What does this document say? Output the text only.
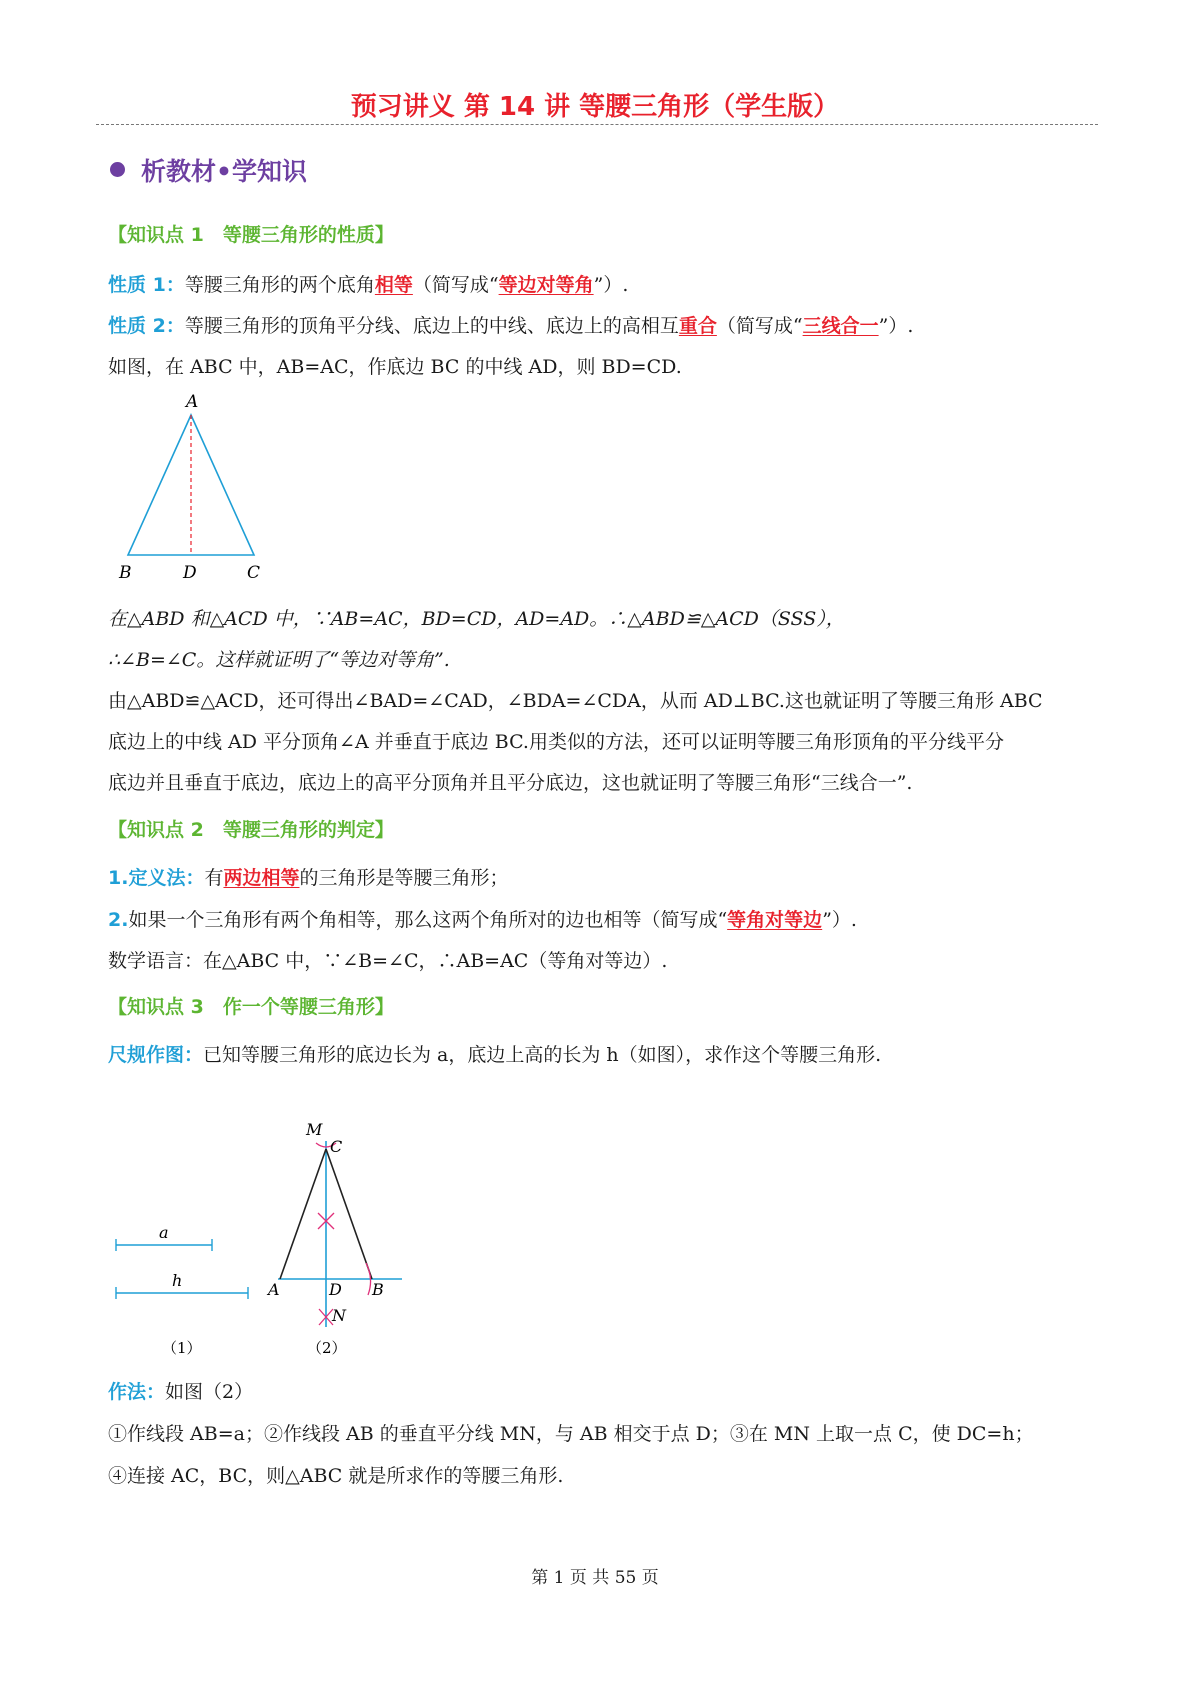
预习讲义 第 14 讲 等腰三角形（学生版）
析教材•学知识
【知识点 1　等腰三角形的性质】
性质 1：等腰三角形的两个底角相等（简写成“等边对等角”）.
性质 2：等腰三角形的顶角平分线、底边上的中线、底边上的高相互重合（简写成“三线合一”）.
如图，在 ABC 中，AB=AC，作底边 BC 的中线 AD，则 BD=CD.
A
B	D	C
在△ABD 和△ACD 中，∵AB=AC，BD=CD，AD=AD。∴△ABD≌△ACD（SSS），
∴∠B=∠C。这样就证明了“等边对等角”.
由△ABD≌△ACD，还可得出∠BAD=∠CAD，∠BDA=∠CDA，从而 AD⊥BC.这也就证明了等腰三角形 ABC
底边上的中线 AD 平分顶角∠A 并垂直于底边 BC.用类似的方法，还可以证明等腰三角形顶角的平分线平分
底边并且垂直于底边，底边上的高平分顶角并且平分底边，这也就证明了等腰三角形“三线合一”.
【知识点 2　等腰三角形的判定】
1.定义法：有两边相等的三角形是等腰三角形；
2.如果一个三角形有两个角相等，那么这两个角所对的边也相等（简写成“等角对等边”）.
数学语言：在△ABC 中，∵∠B=∠C，∴AB=AC（等角对等边）.
【知识点 3　作一个等腰三角形】
尺规作图：已知等腰三角形的底边长为 a，底边上高的长为 h（如图），求作这个等腰三角形.
a
h
M
C
A	D B
N
（1）	（2）
作法：如图（2）
①作线段 AB=a；②作线段 AB 的垂直平分线 MN，与 AB 相交于点 D；③在 MN 上取一点 C，使 DC=h；
④连接 AC，BC，则△ABC 就是所求作的等腰三角形.
第 1 页 共 55 页
